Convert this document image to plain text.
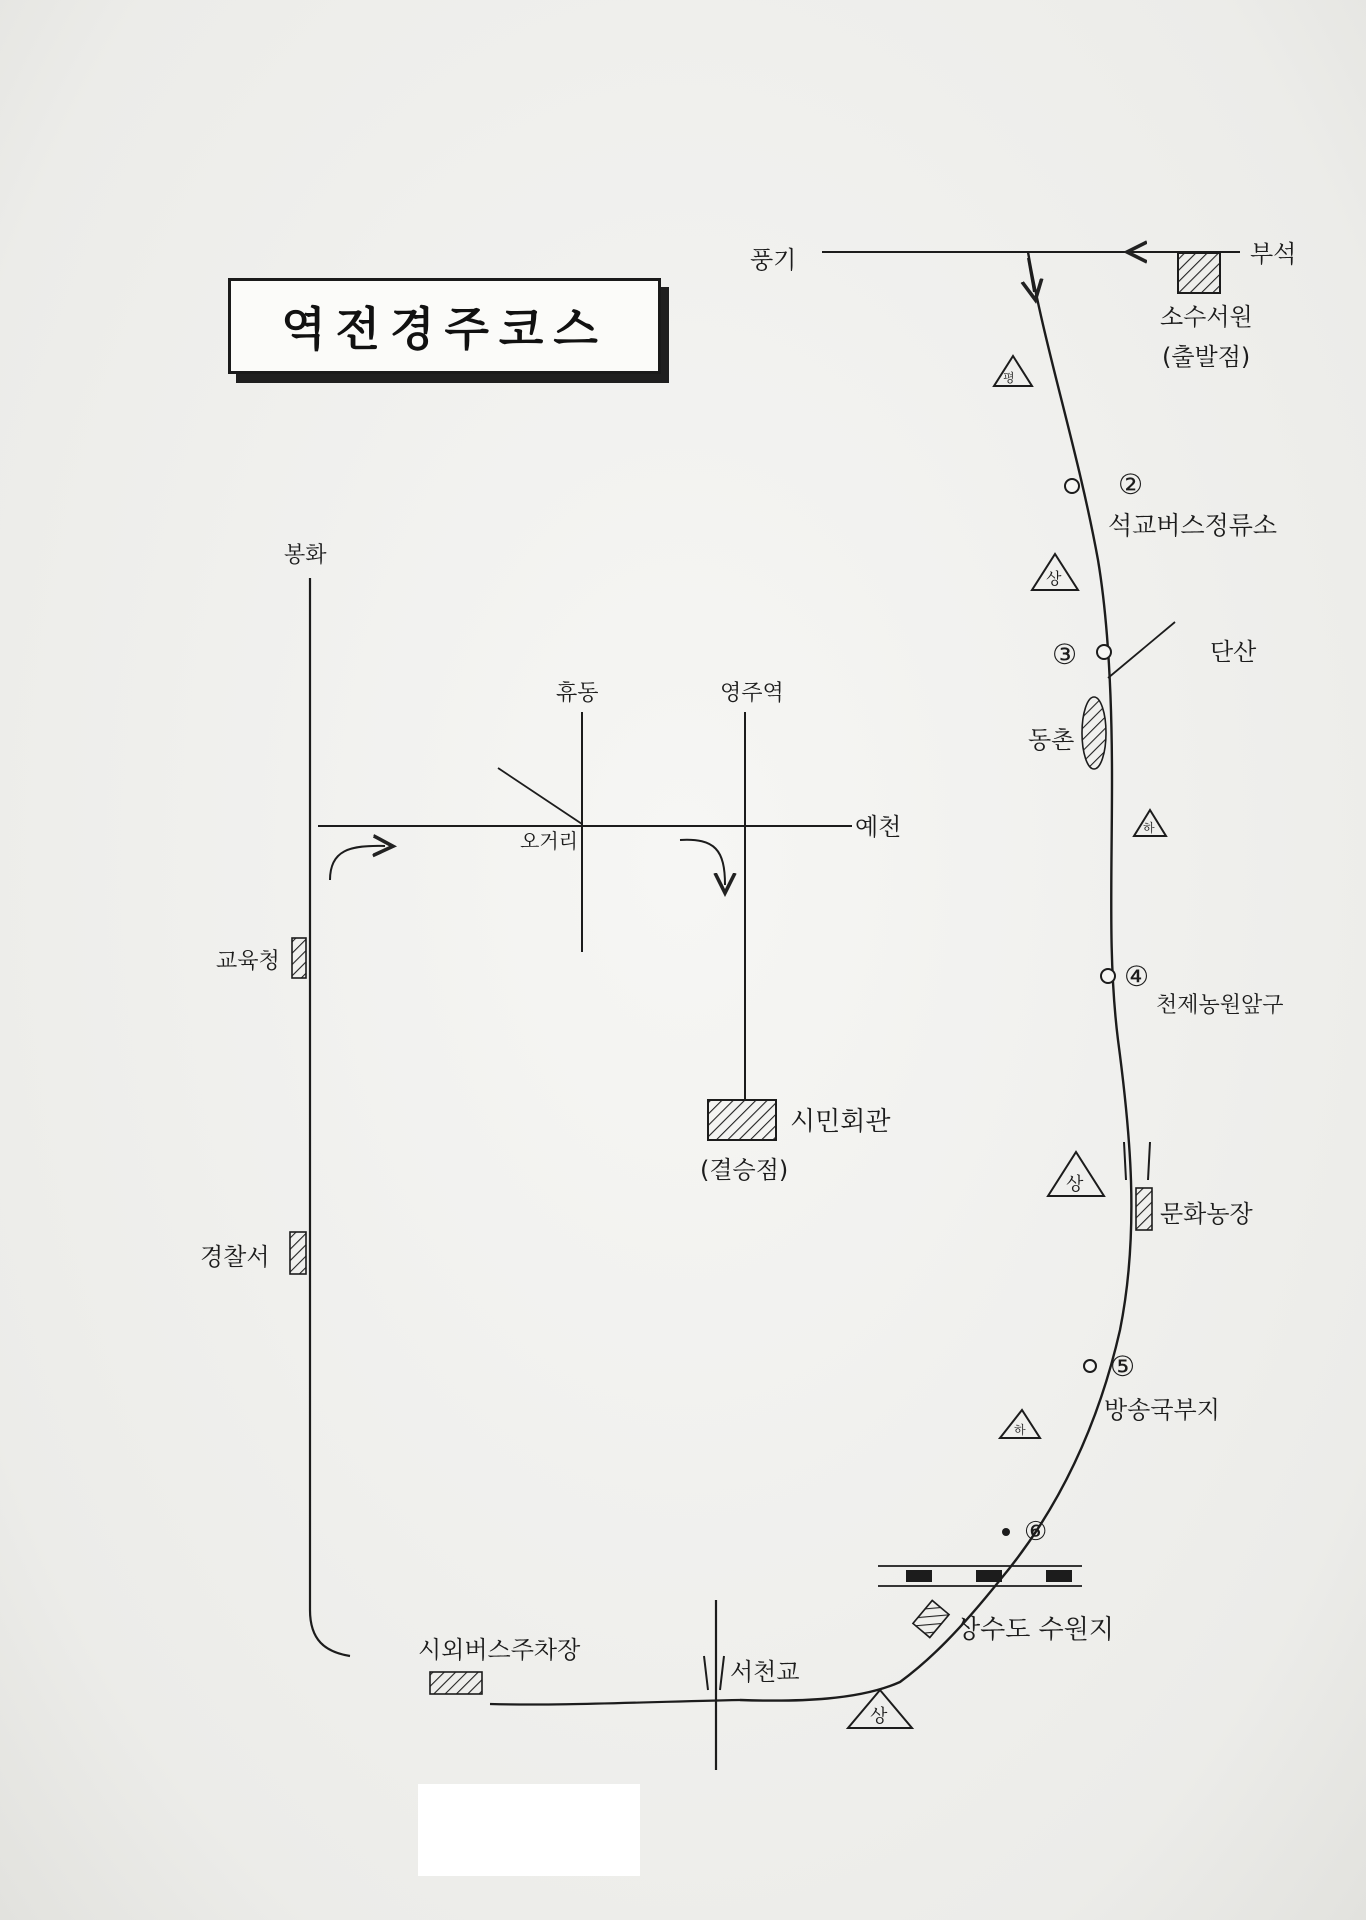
역전경주코스
풍기	부석
소수서원
(출발점)
봉화
예천
휴동
오거리
영주역
시민회관
(결승점)
교육청
경찰서
시외버스주차장
서천교
상수도 수원지
단산
동촌
문화농장
②
③
④
⑤
⑥
석교버스정류소
천제농원앞구
방송국부지
평
상
하
상
하
상
